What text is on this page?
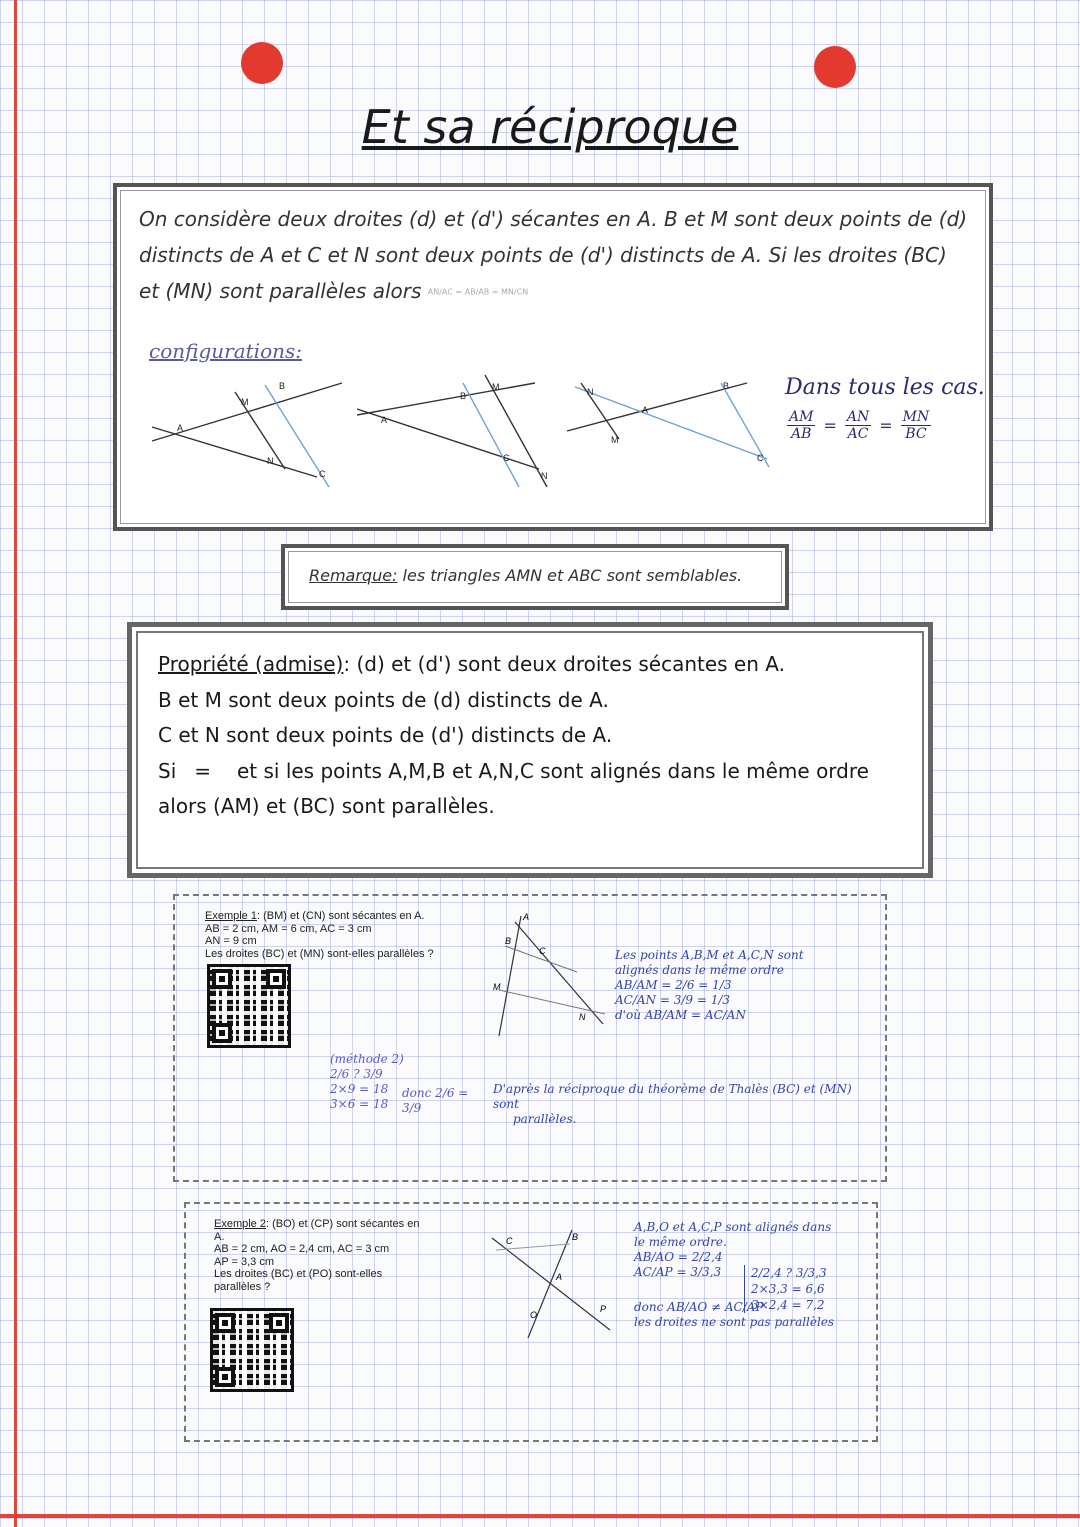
Et sa réciproque

On considère deux droites (d) et (d') sécantes en A. B et M sont deux points de (d) distincts de A et C et N sont deux points de (d') distincts de A. Si les droites (BC) et (MN) sont parallèles alors AN/AC = AB/AB = MN/CN

configurations:
A
M
B
N
C
A
B
M
C
N
N
A
M
B
C
Dans tous les cas.
$\frac{AM}{AB} = \frac{AN}{AC} = \frac{MN}{BC}$
Remarque: les triangles AMN et ABC sont semblables.
Propriété (admise): (d) et (d') sont deux droites sécantes en A.
B et M sont deux points de (d) distincts de A.
C et N sont deux points de (d') distincts de A.
Si = et si les points A,M,B et A,N,C sont alignés dans le même ordre
alors (AM) et (BC) sont parallèles.
Exemple 1: (BM) et (CN) sont sécantes en A.
AB = 2 cm, AM = 6 cm, AC = 3 cm
AN = 9 cm
Les droites (BC) et (MN) sont-elles parallèles ?
A
B
C
M
N
Les points A,B,M et A,C,N sont
alignés dans le même ordre
AB/AM = 2/6 = 1/3
AC/AN = 3/9 = 1/3
d'où AB/AM = AC/AN
(méthode 2)
2/6 ? 3/9
2×9 = 18
3×6 = 18
donc 2/6 = 3/9
D'après la réciproque du théorème de Thalès (BC) et (MN) sont
parallèles.
Exemple 2: (BO) et (CP) sont sécantes en
A.
AB = 2 cm, AO = 2,4 cm, AC = 3 cm
AP = 3,3 cm
Les droites (BC) et (PO) sont-elles
parallèles ?
C	B
A
O
P
A,B,O et A,C,P sont alignés dans
le même ordre.
AB/AO = 2/2,4
AC/AP = 3/3,3	2/2,4 ? 3/3,3
2×3,3 = 6,6
3×2,4 = 7,2
donc AB/AO ≠ AC/AP
les droites ne sont pas parallèles
